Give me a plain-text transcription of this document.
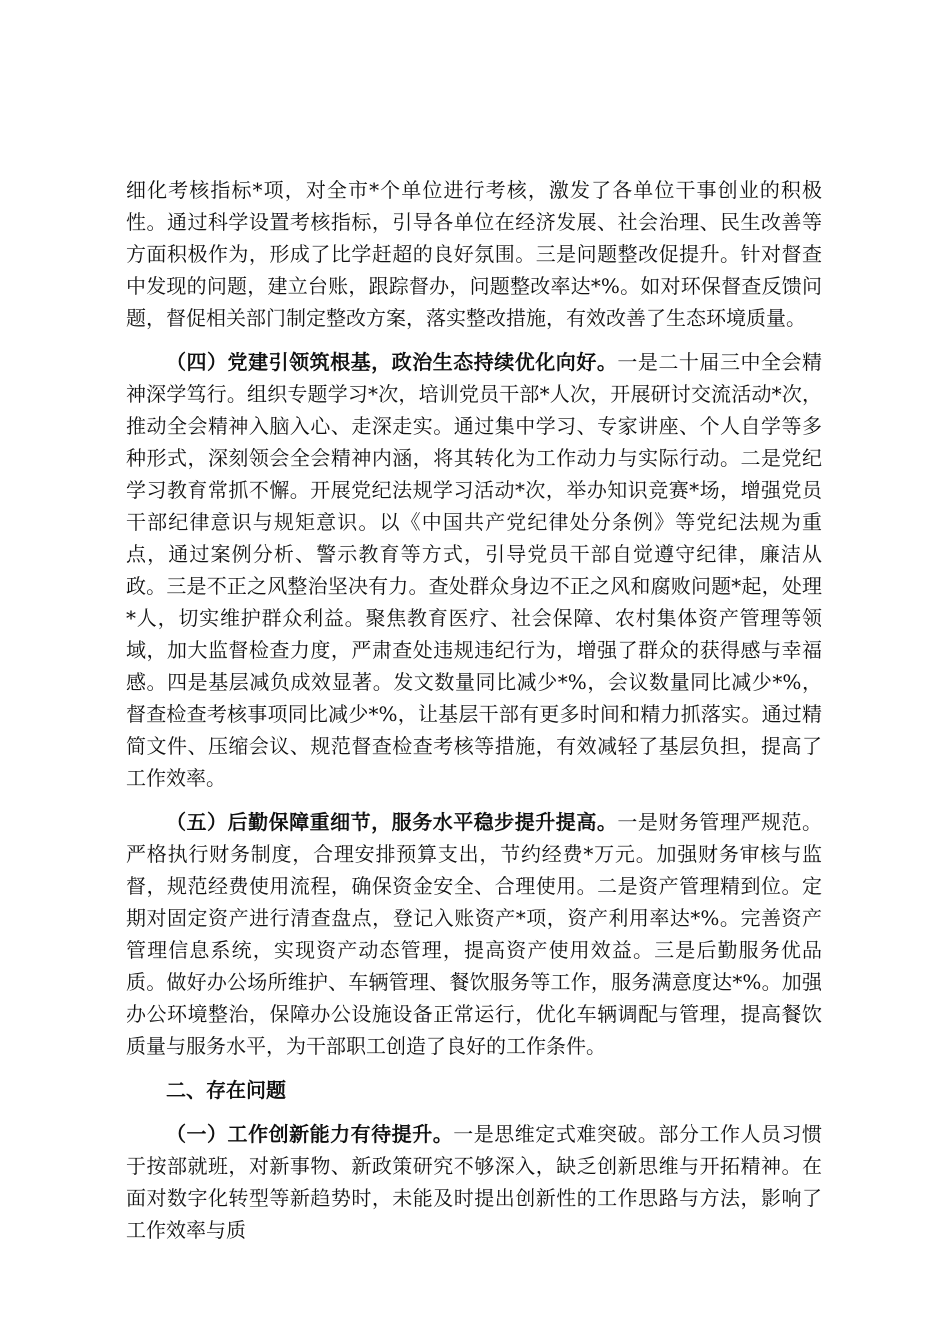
细化考核指标*项，对全市*个单位进行考核，激发了各单位干事创业的积极性。通过科学设置考核指标，引导各单位在经济发展、社会治理、民生改善等方面积极作为，形成了比学赶超的良好氛围。三是问题整改促提升。针对督查中发现的问题，建立台账，跟踪督办，问题整改率达*%。如对环保督查反馈问题，督促相关部门制定整改方案，落实整改措施，有效改善了生态环境质量。

（四）党建引领筑根基，政治生态持续优化向好。一是二十届三中全会精神深学笃行。组织专题学习*次，培训党员干部*人次，开展研讨交流活动*次，推动全会精神入脑入心、走深走实。通过集中学习、专家讲座、个人自学等多种形式，深刻领会全会精神内涵，将其转化为工作动力与实际行动。二是党纪学习教育常抓不懈。开展党纪法规学习活动*次，举办知识竞赛*场，增强党员干部纪律意识与规矩意识。以《中国共产党纪律处分条例》等党纪法规为重点，通过案例分析、警示教育等方式，引导党员干部自觉遵守纪律，廉洁从政。三是不正之风整治坚决有力。查处群众身边不正之风和腐败问题*起，处理*人，切实维护群众利益。聚焦教育医疗、社会保障、农村集体资产管理等领域，加大监督检查力度，严肃查处违规违纪行为，增强了群众的获得感与幸福感。四是基层减负成效显著。发文数量同比减少*%，会议数量同比减少*%，督查检查考核事项同比减少*%，让基层干部有更多时间和精力抓落实。通过精简文件、压缩会议、规范督查检查考核等措施，有效减轻了基层负担，提高了工作效率。

（五）后勤保障重细节，服务水平稳步提升提高。一是财务管理严规范。严格执行财务制度，合理安排预算支出，节约经费*万元。加强财务审核与监督，规范经费使用流程，确保资金安全、合理使用。二是资产管理精到位。定期对固定资产进行清查盘点，登记入账资产*项，资产利用率达*%。完善资产管理信息系统，实现资产动态管理，提高资产使用效益。三是后勤服务优品质。做好办公场所维护、车辆管理、餐饮服务等工作，服务满意度达*%。加强办公环境整治，保障办公设施设备正常运行，优化车辆调配与管理，提高餐饮质量与服务水平，为干部职工创造了良好的工作条件。

二、存在问题

（一）工作创新能力有待提升。一是思维定式难突破。部分工作人员习惯于按部就班，对新事物、新政策研究不够深入，缺乏创新思维与开拓精神。在面对数字化转型等新趋势时，未能及时提出创新性的工作思路与方法，影响了工作效率与质
